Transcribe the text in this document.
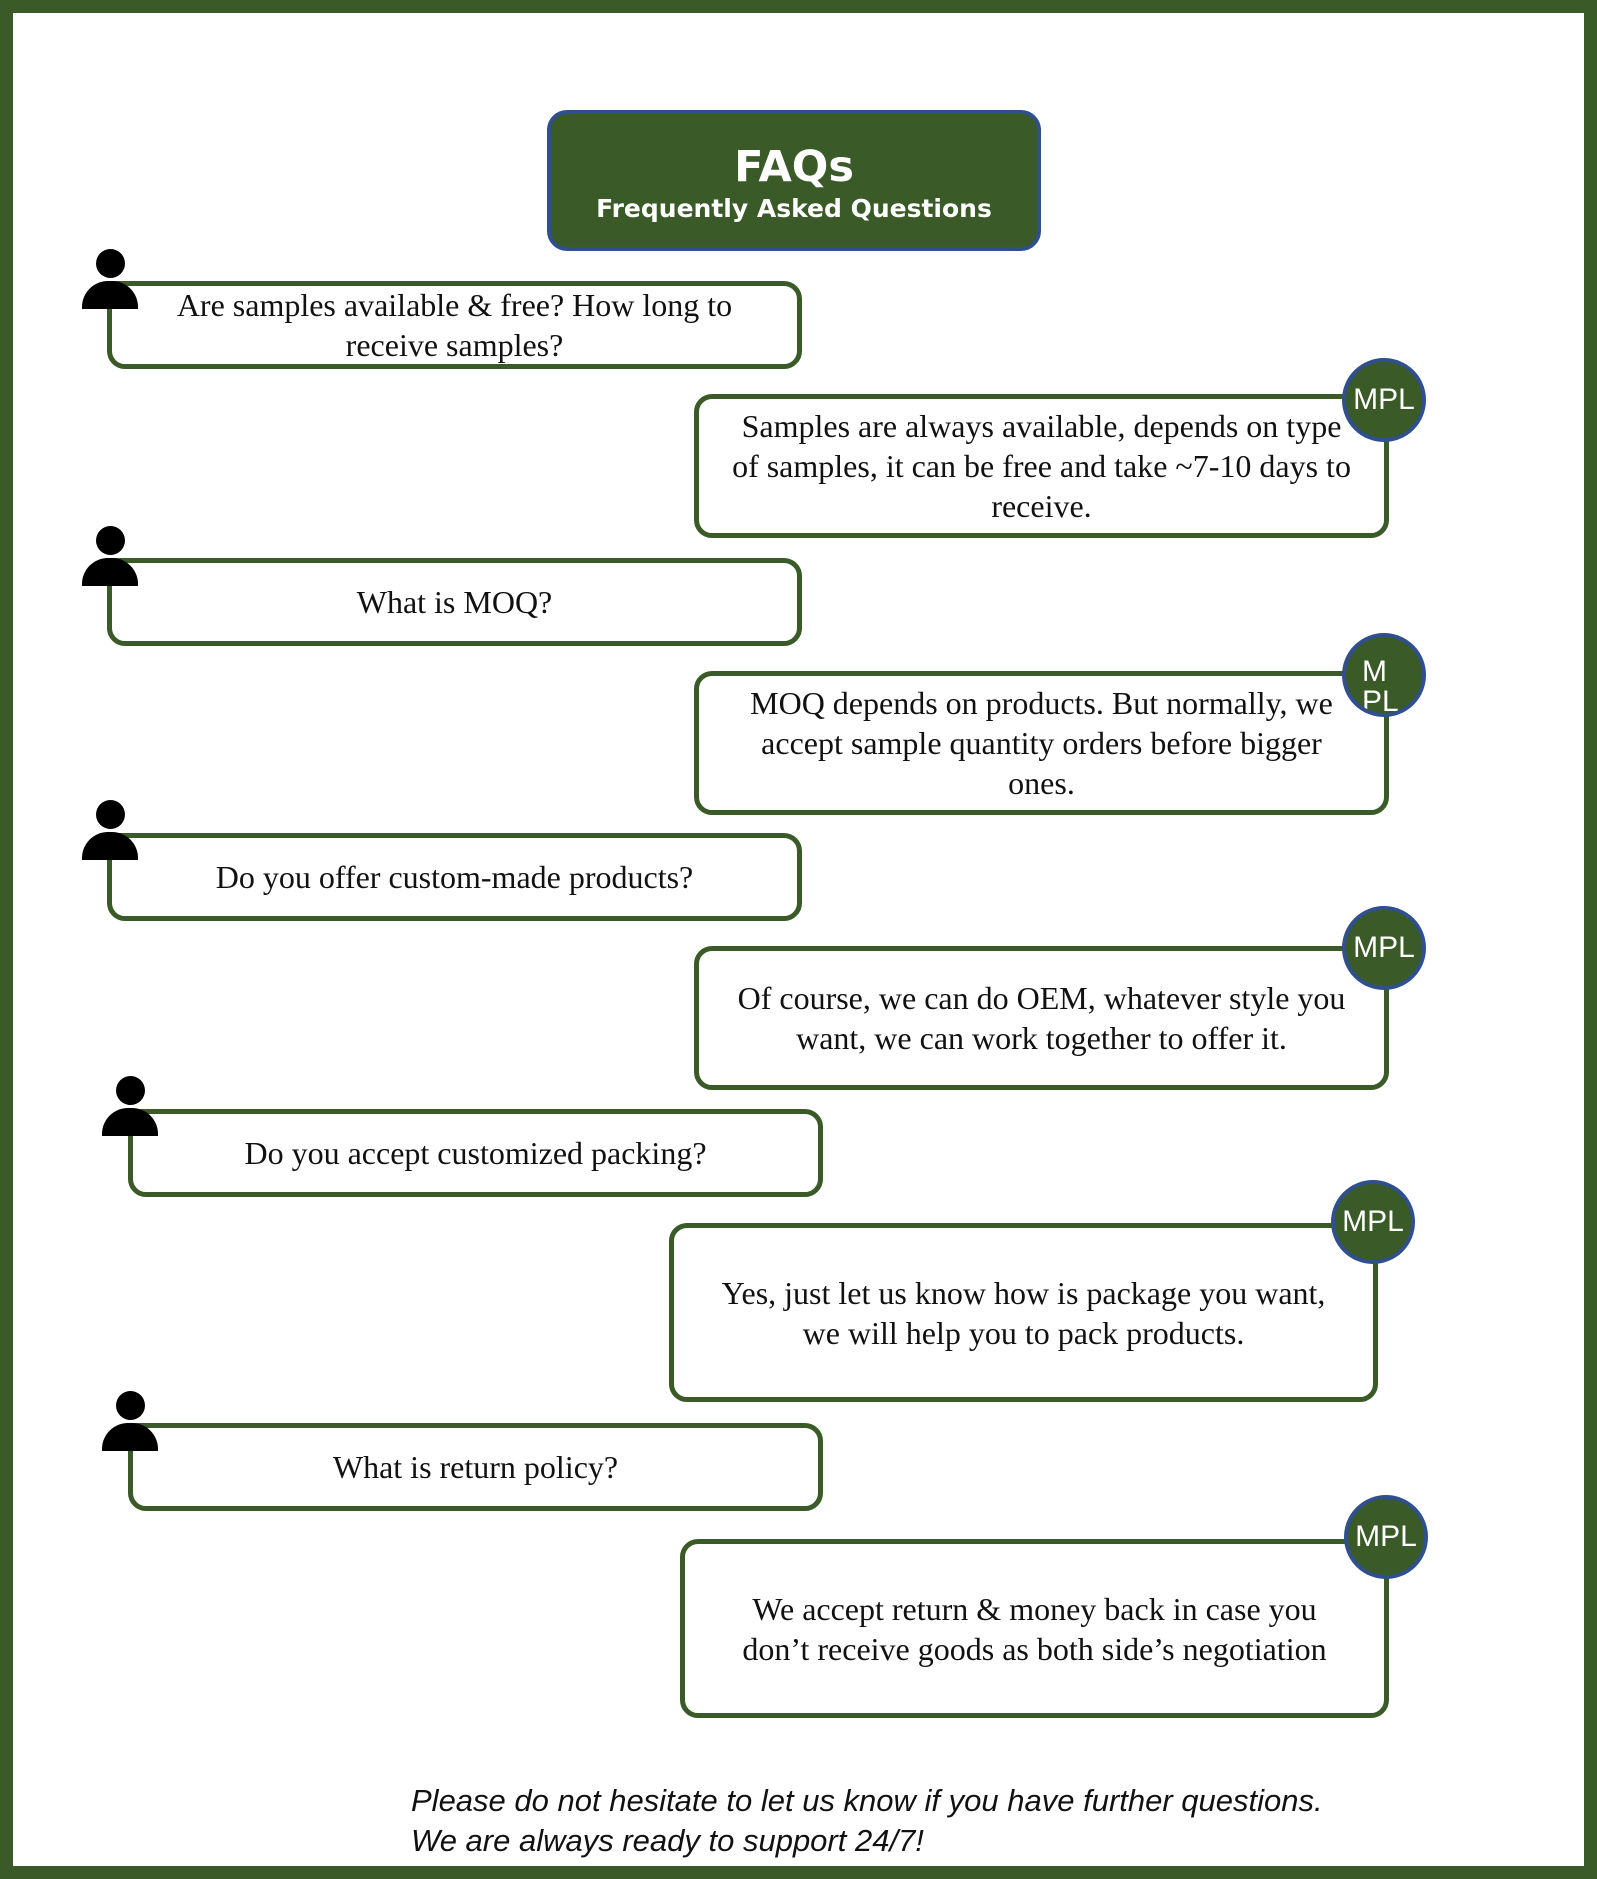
FAQs
Frequently Asked Questions
Are samples available & free? How long to receive samples?
Samples are always available, depends on type of samples, it can be free and take ~7-10 days to receive.
MPL
What is MOQ?
MOQ depends on products. But normally, we accept sample quantity orders before bigger ones.
MPL
Do you offer custom-made products?
Of course, we can do OEM, whatever style you want, we can work together to offer it.
MPL
Do you accept customized packing?
Yes, just let us know how is package you want, we will help you to pack products.
MPL
What is return policy?
We accept return & money back in case you don’t receive goods as both side’s negotiation
MPL
Please do not hesitate to let us know if you have further questions.
We are always ready to support 24/7!
